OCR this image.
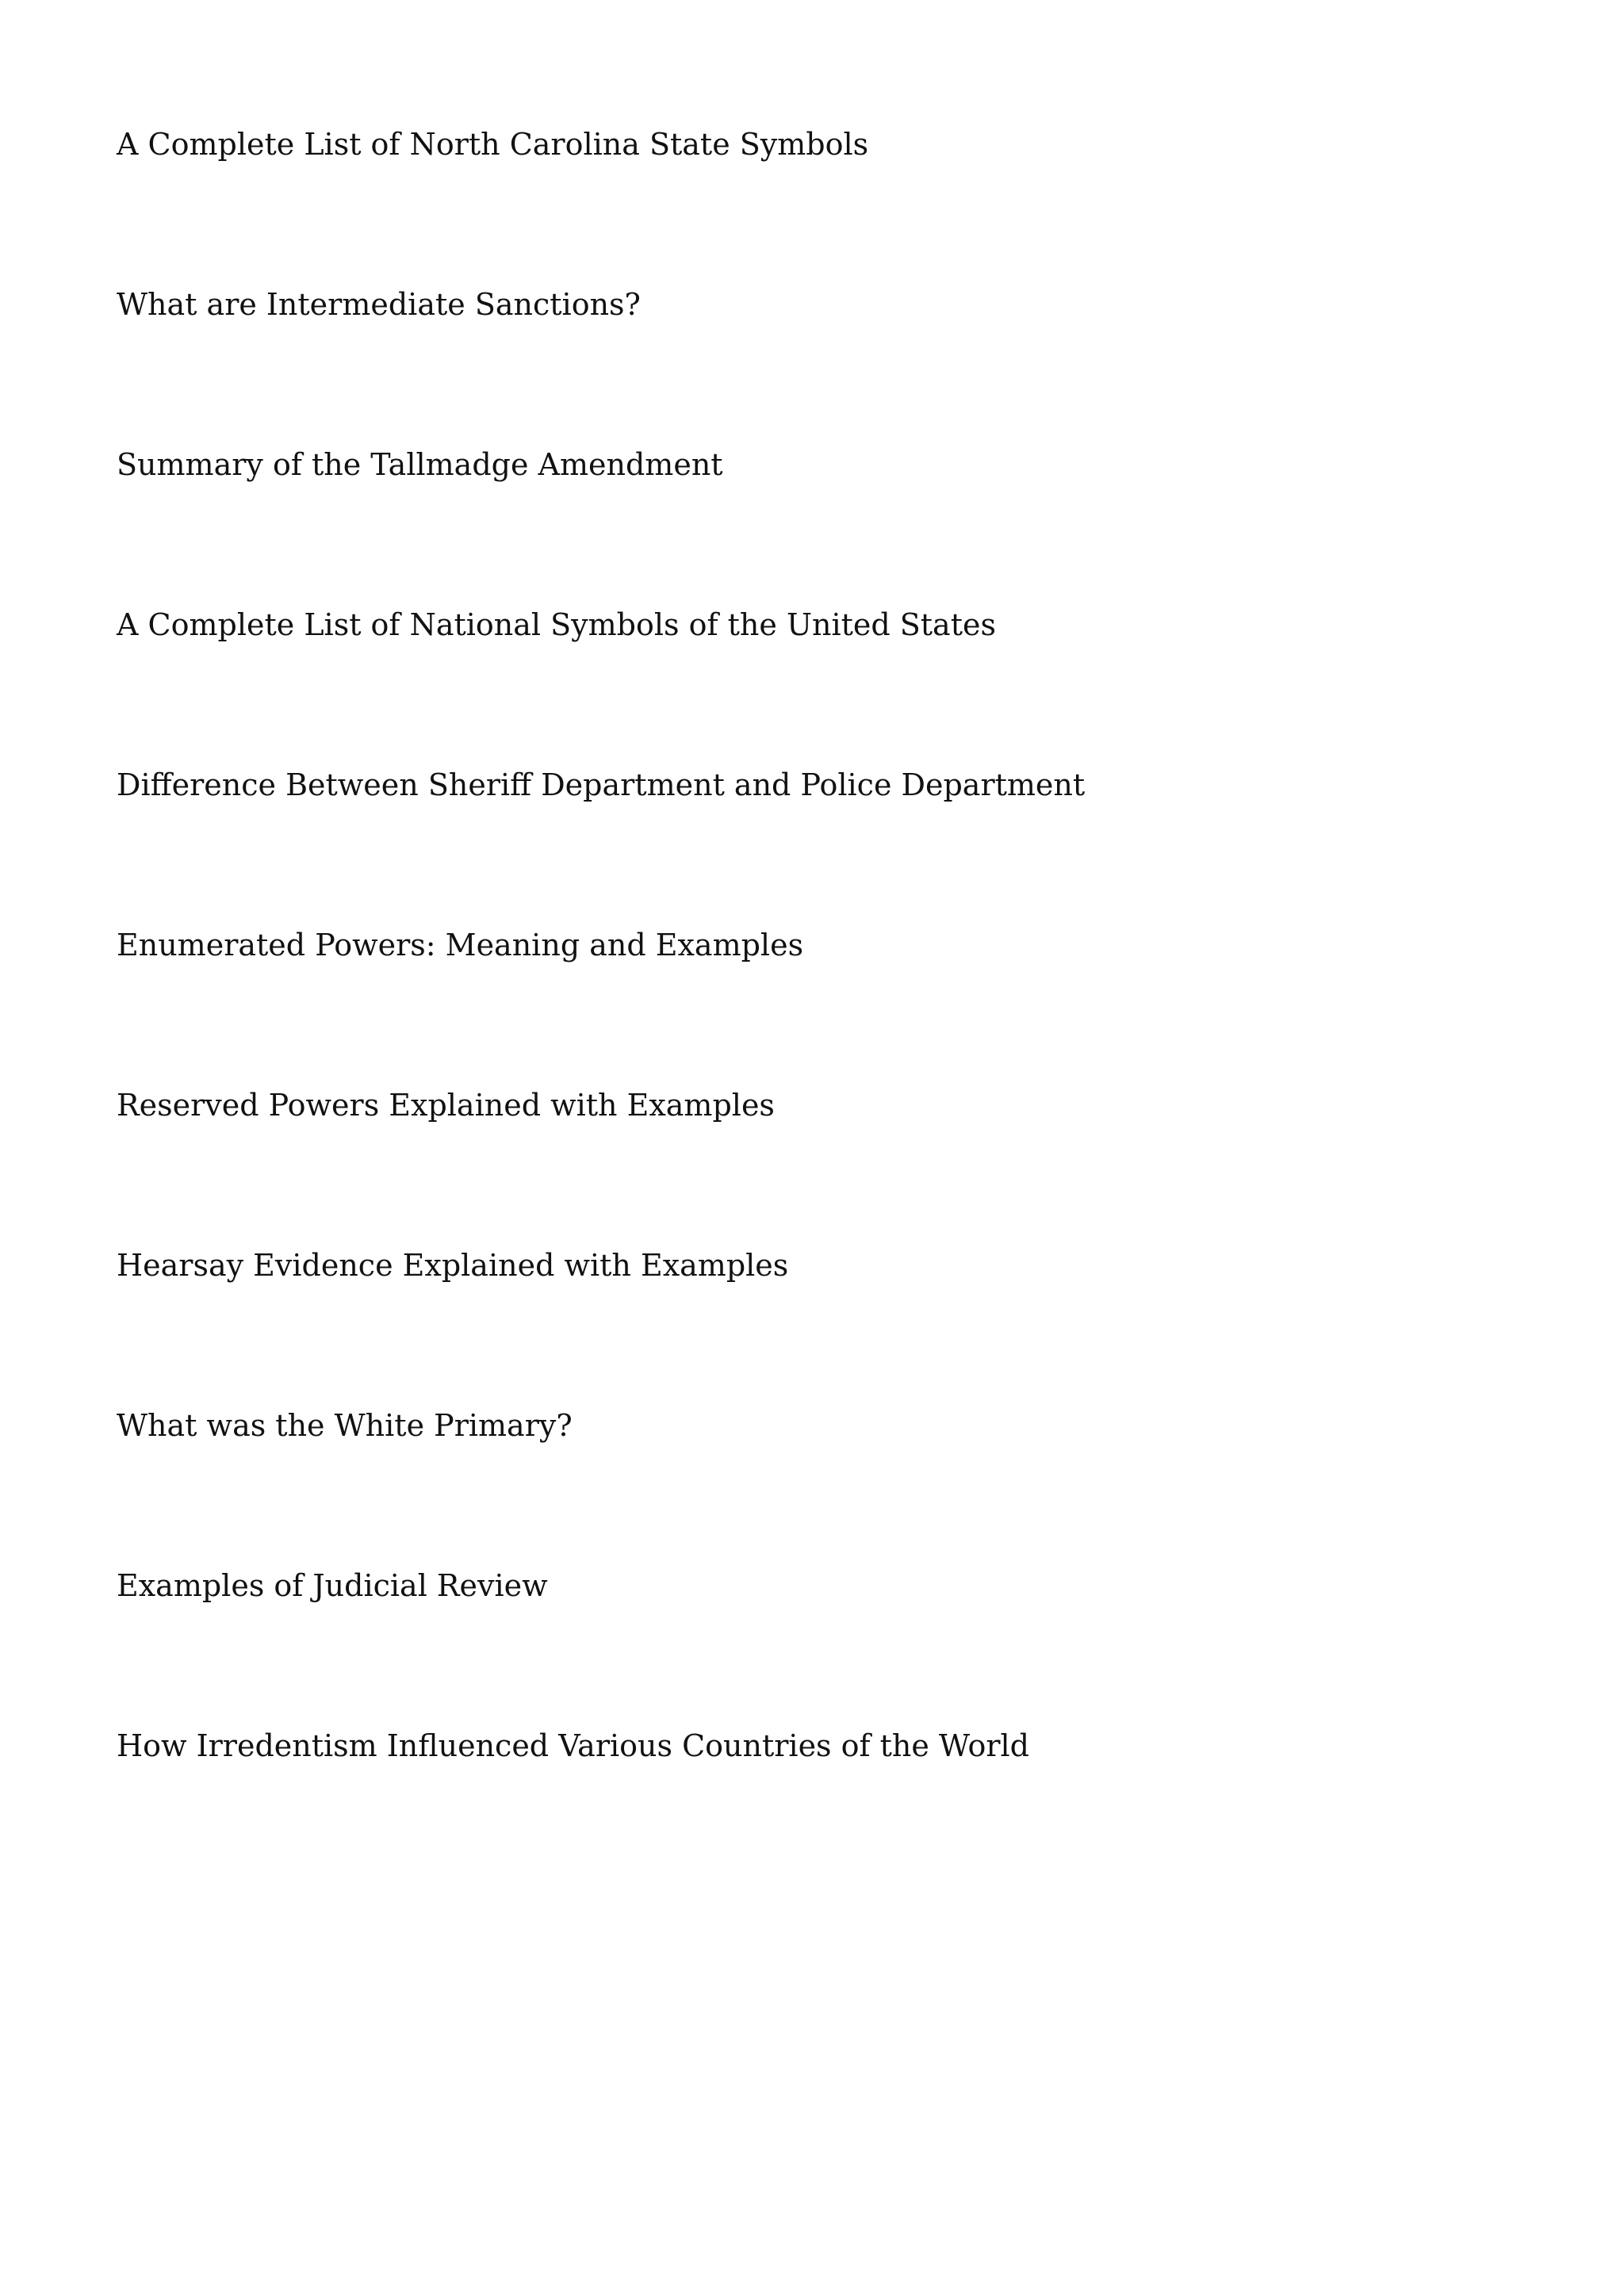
A Complete List of North Carolina State Symbols
What are Intermediate Sanctions?
Summary of the Tallmadge Amendment
A Complete List of National Symbols of the United States
Difference Between Sheriff Department and Police Department
Enumerated Powers: Meaning and Examples
Reserved Powers Explained with Examples
Hearsay Evidence Explained with Examples
What was the White Primary?
Examples of Judicial Review
How Irredentism Influenced Various Countries of the World
